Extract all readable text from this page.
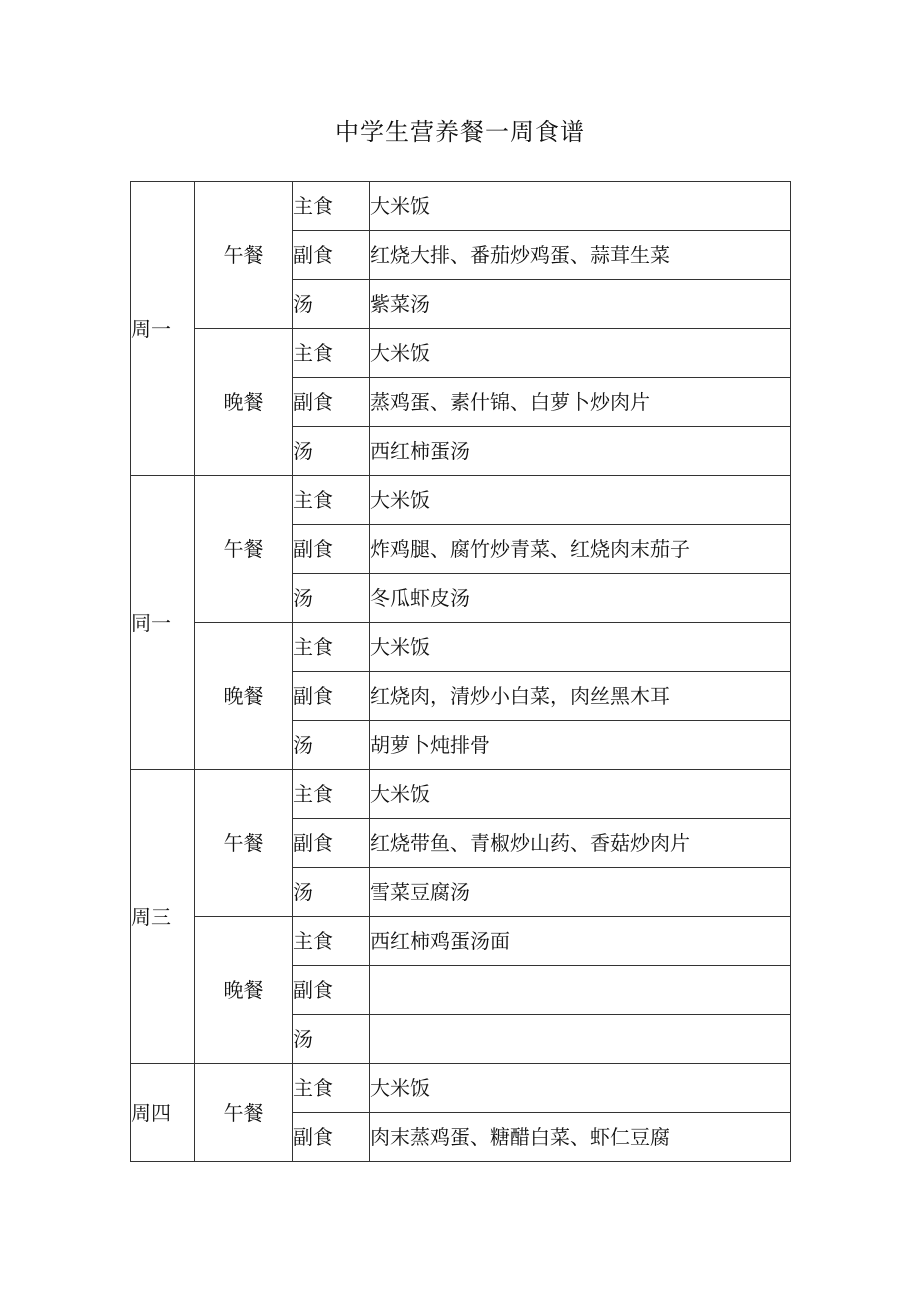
中学生营养餐一周食谱
周一	午餐	主食	大米饭
		副食	红烧大排、番茄炒鸡蛋、蒜茸生菜
		汤	紫菜汤
	晚餐	主食	大米饭
		副食	蒸鸡蛋、素什锦、白萝卜炒肉片
		汤	西红柿蛋汤
同一	午餐	主食	大米饭
		副食	炸鸡腿、腐竹炒青菜、红烧肉末茄子
		汤	冬瓜虾皮汤
	晚餐	主食	大米饭
		副食	红烧肉，清炒小白菜，肉丝黑木耳
		汤	胡萝卜炖排骨
周三	午餐	主食	大米饭
		副食	红烧带鱼、青椒炒山药、香菇炒肉片
		汤	雪菜豆腐汤
	晚餐	主食	西红柿鸡蛋汤面
		副食	
		汤	
周四	午餐	主食	大米饭
		副食	肉末蒸鸡蛋、糖醋白菜、虾仁豆腐
